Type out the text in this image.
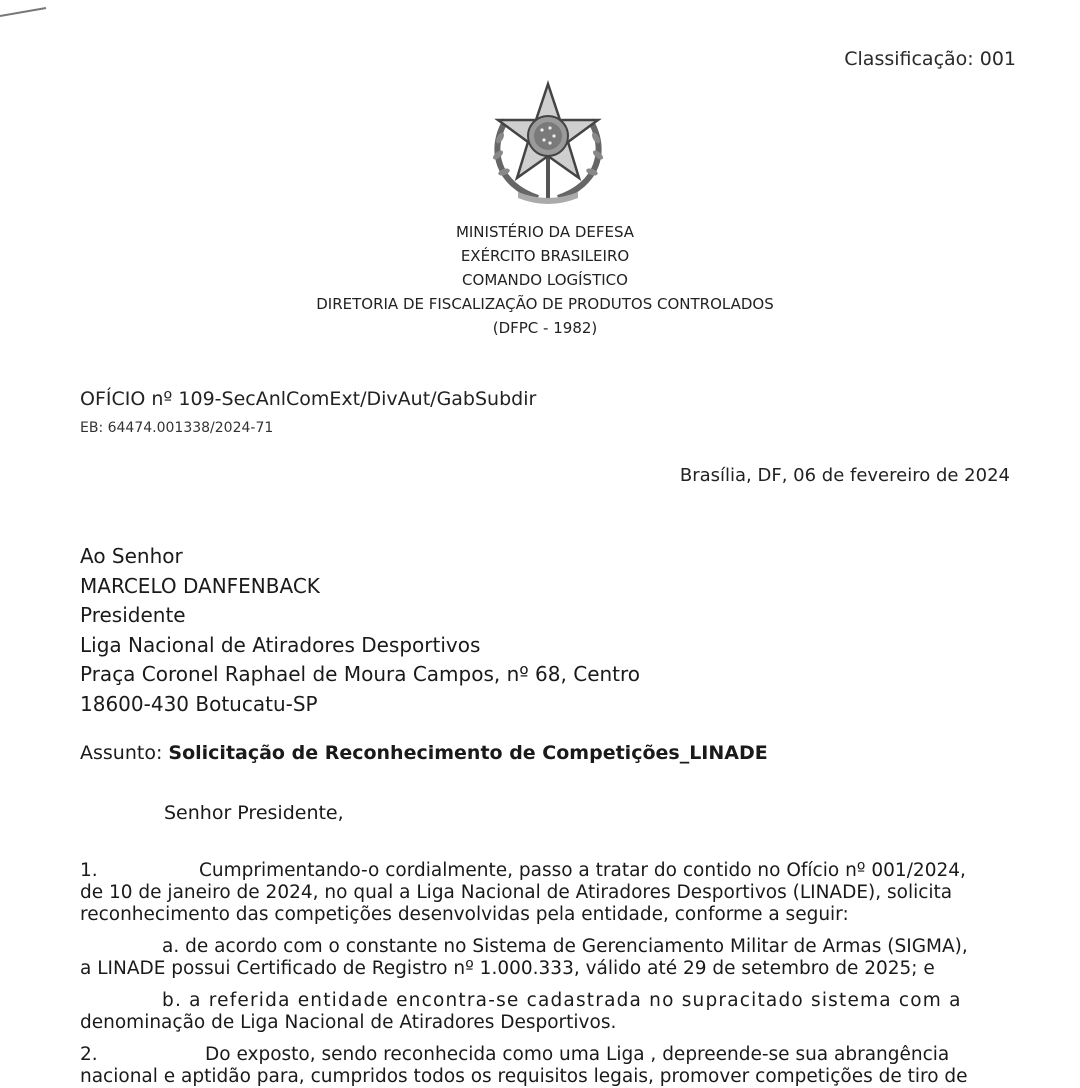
Classificação: 001
MINISTÉRIO DA DEFESA
EXÉRCITO BRASILEIRO
COMANDO LOGÍSTICO
DIRETORIA DE FISCALIZAÇÃO DE PRODUTOS CONTROLADOS
(DFPC - 1982)
OFÍCIO nº 109-SecAnlComExt/DivAut/GabSubdir
EB: 64474.001338/2024-71
Brasília, DF, 06 de fevereiro de 2024
Ao Senhor
MARCELO DANFENBACK
Presidente
Liga Nacional de Atiradores Desportivos
Praça Coronel Raphael de Moura Campos, nº 68, Centro
18600-430 Botucatu-SP
Assunto: Solicitação de Reconhecimento de Competições_LINADE
Senhor Presidente,
1.	Cumprimentando-o cordialmente, passo a tratar do contido no Ofício nº 001/2024,
de 10 de janeiro de 2024, no qual a Liga Nacional de Atiradores Desportivos (LINADE), solicita
reconhecimento das competições desenvolvidas pela entidade, conforme a seguir:
a. de acordo com o constante no Sistema de Gerenciamento Militar de Armas (SIGMA),
a LINADE possui Certificado de Registro nº 1.000.333, válido até 29 de setembro de 2025; e
b. a referida entidade encontra-se cadastrada no supracitado sistema com a
denominação de Liga Nacional de Atiradores Desportivos.
2.	Do exposto, sendo reconhecida como uma Liga , depreende-se sua abrangência
nacional e aptidão para, cumpridos todos os requisitos legais, promover competições de tiro de
